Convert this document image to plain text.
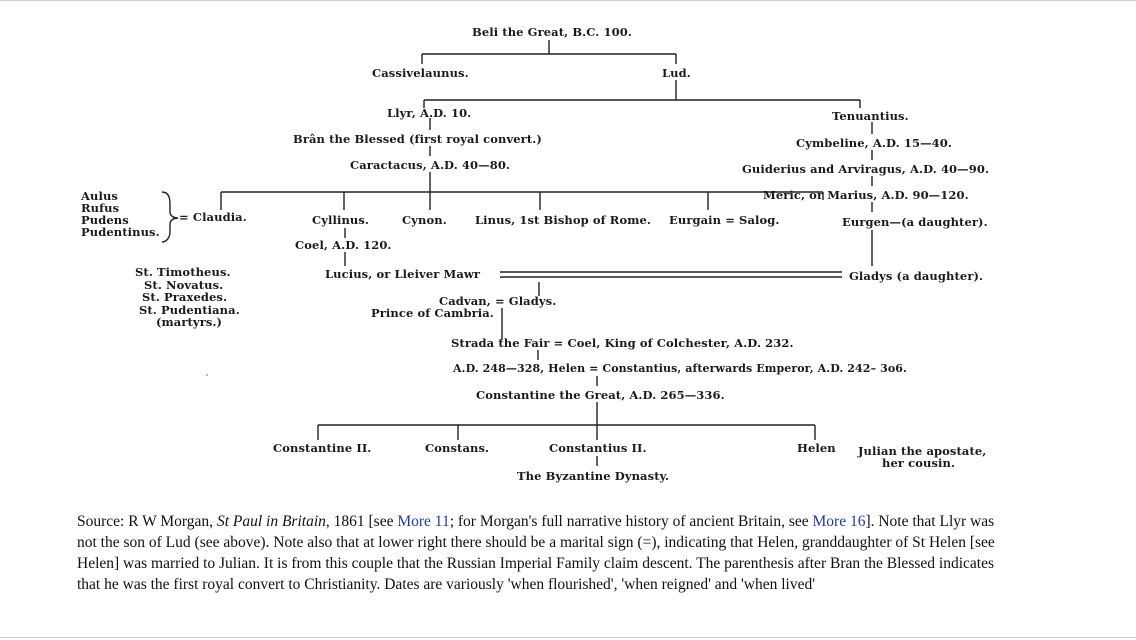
Beli the Great, B.C. 100.
Cassivelaunus.	Lud.
Llyr, A.D. 10.
Brân the Blessed (first royal convert.)
Caractacus, A.D. 40—80.
Tenuantius.
Cymbeline, A.D. 15—40.
Guiderius and Arviragus, A.D. 40—90.
Meric, or Marius, A.D. 90—120.
Eurgen—(a daughter).
Aulus
Rufus
Pudens
Pudentinus.
= Claudia.	Cyllinus.	Cynon. Linus, 1st Bishop of Rome. Eurgain = Salog.
Coel, A.D. 120.
Lucius, or Lleiver Mawr	Gladys (a daughter).
St. Timotheus.
St. Novatus.
St. Praxedes.
St. Pudentiana.
(martyrs.)
Cadvan, = Gladys.
Prince of Cambria.
Strada the Fair = Coel, King of Colchester, A.D. 232.
A.D. 248—328, Helen = Constantius, afterwards Emperor, A.D. 242– 3o6.
Constantine the Great, A.D. 265—336.
Constantine II.	Constans.	Constantius II.
The Byzantine Dynasty.
Helen Julian the apostate,
her cousin.
Source: R W Morgan, St Paul in Britain, 1861 [see More 11; for Morgan's full narrative history of ancient Britain, see More 16]. Note that Llyr was not the son of Lud (see above). Note also that at lower right there should be a marital sign (=), indicating that Helen, granddaughter of St Helen [see Helen] was married to Julian. It is from this couple that the Russian Imperial Family claim descent. The parenthesis after Bran the Blessed indicates that he was the first royal convert to Christianity. Dates are variously 'when flourished', 'when reigned' and 'when lived'
